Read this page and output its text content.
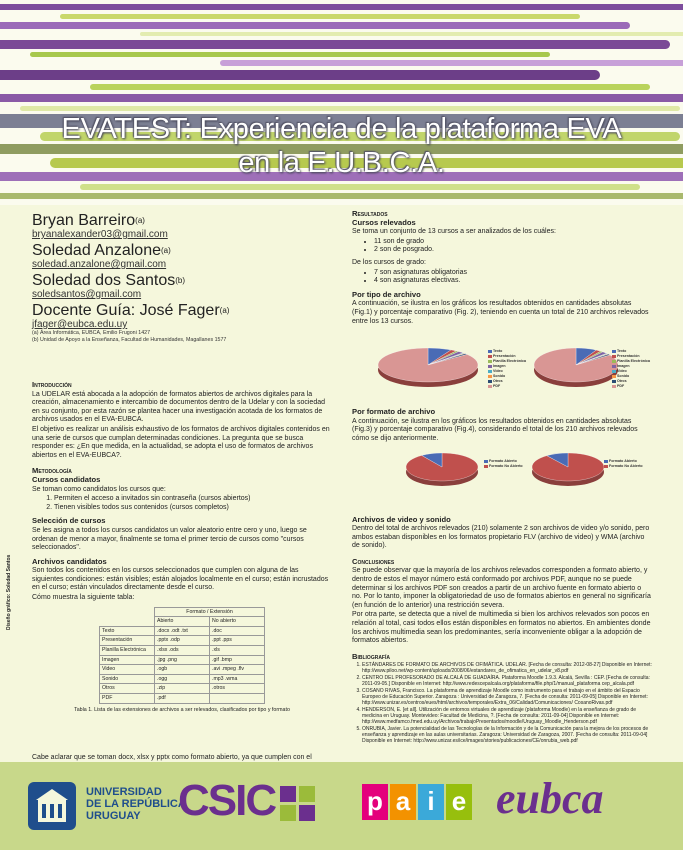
EVATEST: Experiencia de la plataforma EVA
en la E.U.B.C.A.
Bryan Barreiro$^{(a)}$
bryanalexander03@gmail.com
Soledad Anzalone$^{(a)}$
soledad.anzalone@gmail.com
Soledad dos Santos$^{(b)}$
soledsantos@gmail.com
Docente Guía: José Fager$^{(a)}$
jfager@eubca.edu.uy
(a) Área Informática, EUBCA, Emilio Frugoni 1427
(b) Unidad de Apoyo a la Enseñanza, Facultad de Humanidades, Magallanes 1577
Introducción

La UDELAR está abocada a la adopción de formatos abiertos de archivos digitales para la creación, almacenamiento e intercambio de documentos dentro de la Udelar y con la sociedad en su conjunto, por esta razón se plantea hacer una investigación acotada de los formatos de archivos usados en el EVA-EUBCA.

El objetivo es realizar un análisis exhaustivo de los formatos de archivos digitales contenidos en una serie de cursos que cumplan determinadas condiciones. La pregunta que se busca responder es: ¿En que medida, en la actualidad, se adopta el uso de formatos de archivos abiertos en el EVA-EUBCA?.

Metodología
Cursos candidatos

Se toman como candidatos los cursos que:

1. Permiten el acceso a invitados sin contraseña (cursos abiertos)
2. Tienen visibles todos sus contenidos (cursos completos)
Selección de cursos

Se les asigna a todos los cursos candidatos un valor aleatorio entre cero y uno, luego se ordenan de menor a mayor, finalmente se toma el primer tercio de cursos como "cursos seleccionados".

Archivos candidatos

Son todos los contenidos en los cursos seleccionados que cumplen con alguna de las siguientes condiciones: están visibles; están alojados localmente en el curso; están incrustados en el curso; están vinculados directamente desde el curso.

Cómo muestra la siguiente tabla:

	Formato / Extensión	
	Abierto	No abierto
Texto	.docx .odt .txt	.doc
Presentación	.pptx .odp	.ppt .pps
Planilla Electrónica	.xlsx .ods	.xls
Imagen	.jpg .png	.gif .bmp
Video	.ogb	.avi .mpeg .flv
Sonido	.ogg	.mp3 .wma
Otros	.zip	.otros
PDF	.pdf	
Tabla 1. Lista de las extensiones de archivos a ser relevados, clasificados por tipo y formato

Cabe aclarar que se toman docx, xlsx y pptx como formato abierto, ya que cumplen con el

Diseño gráfico: Soledad Santos
Resultados
Cursos relevados

Se toma un conjunto de 13 cursos a ser analizados de los cuáles:

• 11 son de grado
• 2 son de posgrado.

De los cursos de grado:

• 7 son asignaturas obligatorias
• 4 son asignaturas electivas.
Por tipo de archivo

A continuación, se ilustra en los gráficos los resultados obtenidos en cantidades absolutas (Fig.1) y porcentaje comparativo (Fig. 2), teniendo en cuenta un total de 210 archivos relevados entre los 13 cursos.

Por formato de archivo

A continuación, se ilustra en los gráficos los resultados obtenidos en cantidades absolutas (Fig.3) y porcentaje comparativo (Fig.4), considerando el total de los 210 archivos relevados cómo se dijo anteriormente.

Archivos de video y sonido

Dentro del total de archivos relevados (210) solamente 2 son archivos de video y/o sonido, pero ambos estaban disponibles en los formatos propietario FLV (archivo de video) y WMA (archivo de sonido).

Conclusiones

Se puede observar que la mayoría de los archivos relevados corresponden a formato abierto, y dentro de estos el mayor número está conformado por archivos PDF, aunque no se puede determinar si los archivos PDF son creados a partir de un archivo fuente en formato abierto o no. Por lo tanto, imponer la obligatoriedad de uso de formatos abiertos en general no significaría (en función de lo anterior) una restricción severa.

Por otra parte, se detecta que a nivel de multimedia si bien los archivos relevados son pocos en relación al total, casi todos ellos están disponibles en formatos no abiertos. En ambientes donde los archivos multimedia sean los predominantes, sería inconveniente obligar a la adopción de formatos abiertos.

Bibliografía
1. ESTÁNDARES DE FORMATO DE ARCHIVOS DE OFIMÁTICA. UDELAR. [Fecha de consulta: 2012-08-27] Disponible en Internet: http://www.piloo.net/wp-content/uploads/2008/06/estandares_de_ofimatica_en_udelar_v8.pdf
2. CENTRO DEL PROFESORADO DE ALCALÁ DE GUADAÍRA. Plataforma Moodle 1.9.3. Alcalá, Sevilla : CEP. [Fecha de consulta: 2011-09-05.] Disponible en Internet: http://www.redescepalcala.org/plataforma/file.php/1/manual_plataforma cep_alcala.pdf
3. COSANO RIVAS, Francisco. La plataforma de aprendizaje Moodle como instrumento para el trabajo en el ámbito del Espacio Europeo de Educación Superior. Zaragoza : Universidad de Zaragoza, 7. [Fecha de consulta: 2011-09-05] Disponible en Internet: http://www.unizar.es/centros/eues/html/archivos/temporales/Extra_06/Calidad/Comunicaciones/ CosanoRivas.pdf
4. HENDERSON, E. [et all]. Utilización de entornos virtuales de aprendizaje (plataforma Moodle) en la enseñanza de grado de medicina en Uruguay. Montevideo: Facultad de Medicina, ?. [Fecha de consulta: 2011-09-04] Disponible en Internet: http://www.medfamco.fmed.edu.uy/Archivos/trabajoPresentados/moodle/Uruguay_Moodle_Henderson.pdf
5. ONRUBIA, Javier. La potencialidad de las Tecnologías de la Información y de la Comunicación para la mejora de los procesos de enseñanza y aprendizaje en las aulas universitarias. Zaragoza: Universidad de Zaragoza, 2007. [Fecha de consulta: 2011-09-04] Disponible en Internet: http://www.unizar.es/ice/images/stories/publicaciones/CE/onrubia_web.pdf
Texto
Presentación
Planilla Electrónica
Imagen
Video
Sonido
Otros
PDF
Texto
Presentación
Planilla Electrónica
Imagen
Video
Sonido
Otros
PDF
Formato Abierto
Formato No Abierto
Formato Abierto
Formato No Abierto
UNIVERSIDAD
DE LA REPÚBLICA
URUGUAY CSIC	p a i e eubca
